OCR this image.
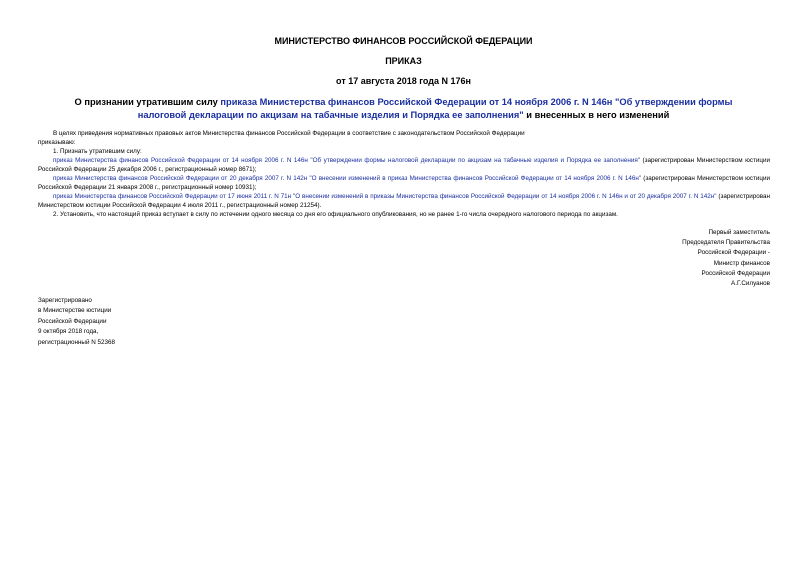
МИНИСТЕРСТВО ФИНАНСОВ РОССИЙСКОЙ ФЕДЕРАЦИИ
ПРИКАЗ
от 17 августа 2018 года N 176н
О признании утратившим силу приказа Министерства финансов Российской Федерации от 14 ноября 2006 г. N 146н "Об утверждении формы налоговой декларации по акцизам на табачные изделия и Порядка ее заполнения" и внесенных в него изменений

В целях приведения нормативных правовых актов Министерства финансов Российской Федерации в соответствие с законодательством Российской Федерации

приказываю:

1. Признать утратившим силу:

приказ Министерства финансов Российской Федерации от 14 ноября 2006 г. N 146н "Об утверждении формы налоговой декларации по акцизам на табачные изделия и Порядка ее заполнения" (зарегистрирован Министерством юстиции Российской Федерации 25 декабря 2006 г., регистрационный номер 8671);

приказ Министерства финансов Российской Федерации от 20 декабря 2007 г. N 142н "О внесении изменений в приказ Министерства финансов Российской Федерации от 14 ноября 2006 г. N 146н" (зарегистрирован Министерством юстиции Российской Федерации 21 января 2008 г., регистрационный номер 10931);

приказ Министерства финансов Российской Федерации от 17 июня 2011 г. N 71н "О внесении изменений в приказы Министерства финансов Российской Федерации от 14 ноября 2006 г. N 146н и от 20 декабря 2007 г. N 142н" (зарегистрирован Министерством юстиции Российской Федерации 4 июля 2011 г., регистрационный номер 21254).

2. Установить, что настоящий приказ вступает в силу по истечении одного месяца со дня его официального опубликования, но не ранее 1-го числа очередного налогового периода по акцизам.

Первый заместитель
Председателя Правительства
Российской Федерации -
Министр финансов
Российской Федерации
А.Г.Силуанов
Зарегистрировано
в Министерстве юстиции
Российской Федерации
9 октября 2018 года,
регистрационный N 52368
